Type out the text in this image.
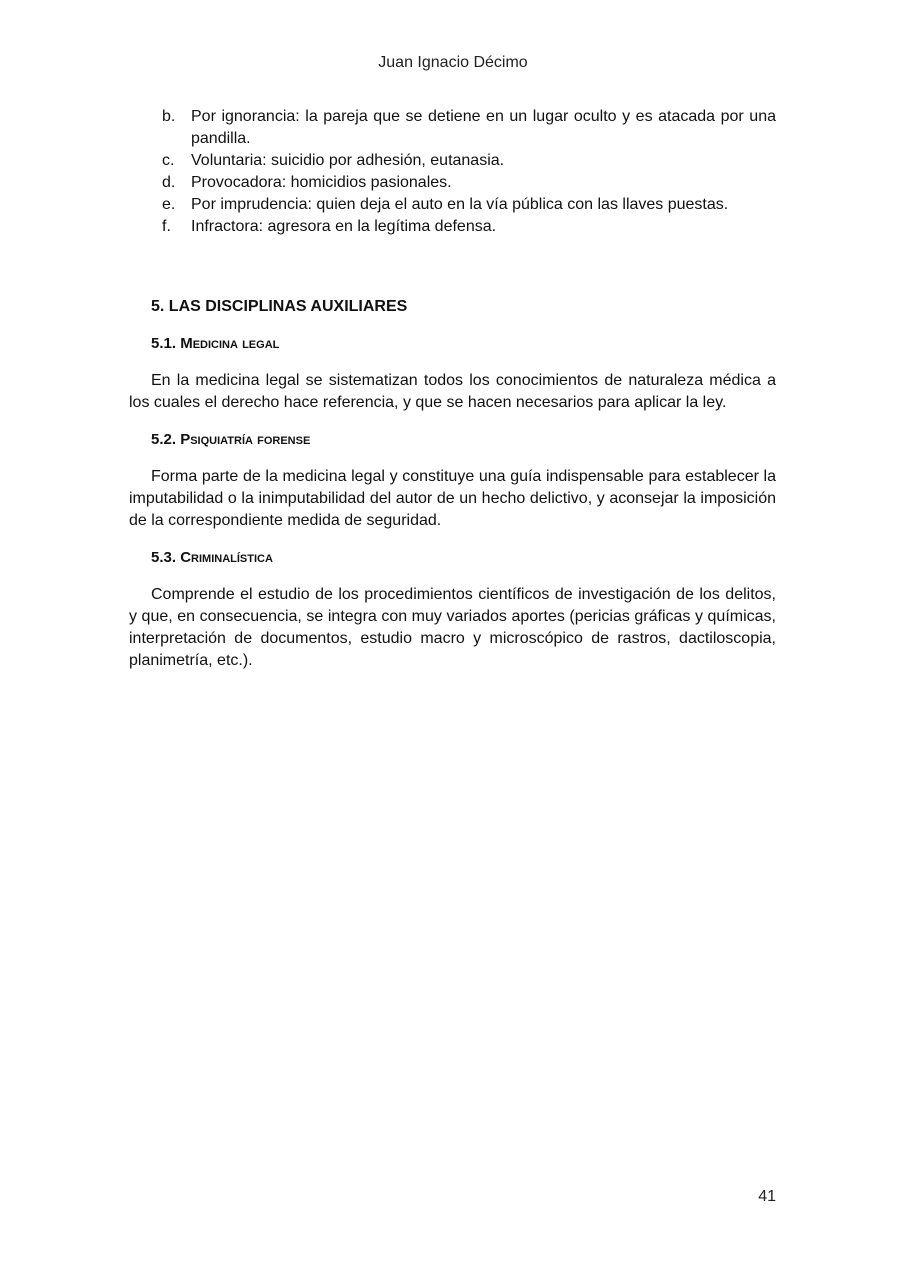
Juan Ignacio Décimo
b. Por ignorancia: la pareja que se detiene en un lugar oculto y es atacada por una pandilla.
c.	Voluntaria: suicidio por adhesión, eutanasia.
d. Provocadora: homicidios pasionales.
e. Por imprudencia: quien deja el auto en la vía pública con las llaves puestas.
f.	Infractora: agresora en la legítima defensa.
5. LAS DISCIPLINAS AUXILIARES
5.1. Medicina legal

En la medicina legal se sistematizan todos los conocimientos de naturaleza médica a los cuales el derecho hace referencia, y que se hacen necesarios para aplicar la ley.

5.2. Psiquiatría forense

Forma parte de la medicina legal y constituye una guía indispensable para establecer la imputabilidad o la inimputabilidad del autor de un hecho delictivo, y aconsejar la imposición de la correspondiente medida de seguridad.

5.3. Criminalística

Comprende el estudio de los procedimientos científicos de investigación de los delitos, y que, en consecuencia, se integra con muy variados aportes (pericias gráficas y químicas, interpretación de documentos, estudio macro y microscópico de rastros, dactiloscopia, planimetría, etc.).

41
